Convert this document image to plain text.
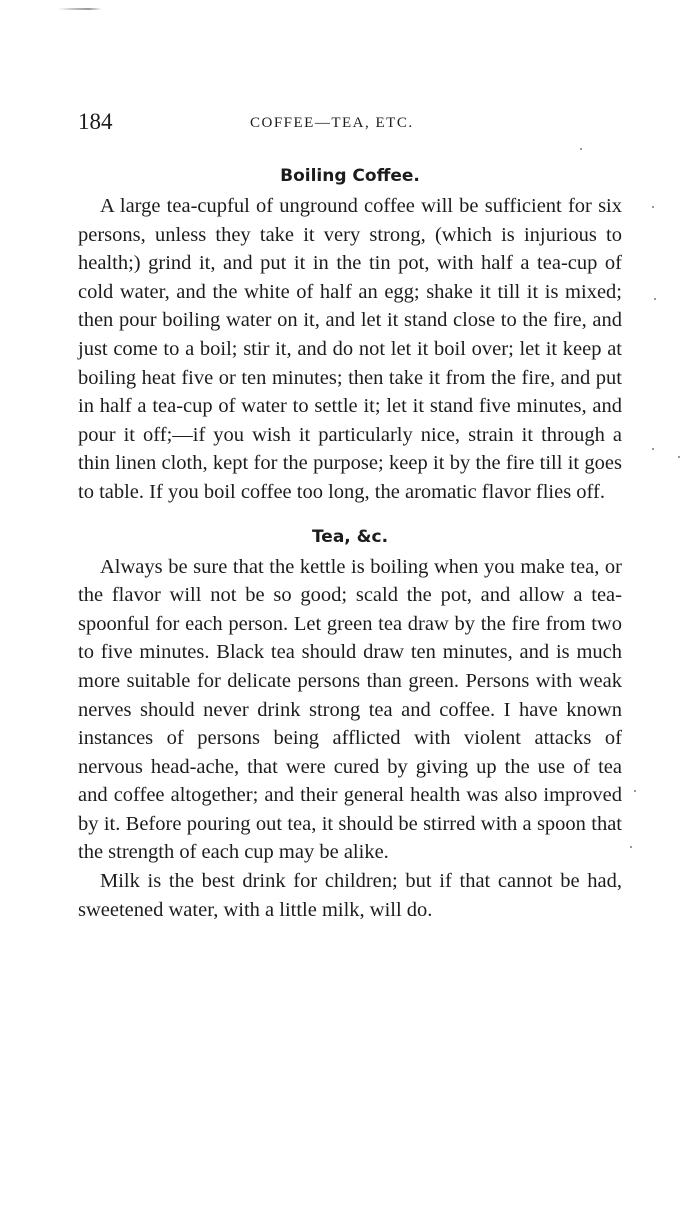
184	COFFEE—TEA, ETC.
Boiling Coffee.

A large tea-cupful of unground coffee will be sufficient for six persons, unless they take it very strong, (which is injurious to health;) grind it, and put it in the tin pot, with half a tea-cup of cold water, and the white of half an egg; shake it till it is mixed; then pour boiling water on it, and let it stand close to the fire, and just come to a boil; stir it, and do not let it boil over; let it keep at boiling heat five or ten minutes; then take it from the fire, and put in half a tea-cup of water to settle it; let it stand five minutes, and pour it off;—if you wish it particularly nice, strain it through a thin linen cloth, kept for the purpose; keep it by the fire till it goes to table. If you boil coffee too long, the aromatic flavor flies off.

Tea, &c.

Always be sure that the kettle is boiling when you make tea, or the flavor will not be so good; scald the pot, and allow a tea-spoonful for each person. Let green tea draw by the fire from two to five minutes. Black tea should draw ten minutes, and is much more suitable for delicate persons than green. Persons with weak nerves should never drink strong tea and coffee. I have known instances of persons being afflicted with violent attacks of nervous head-ache, that were cured by giving up the use of tea and coffee altogether; and their general health was also improved by it. Before pouring out tea, it should be stirred with a spoon that the strength of each cup may be alike.

Milk is the best drink for children; but if that cannot be had, sweetened water, with a little milk, will do.
